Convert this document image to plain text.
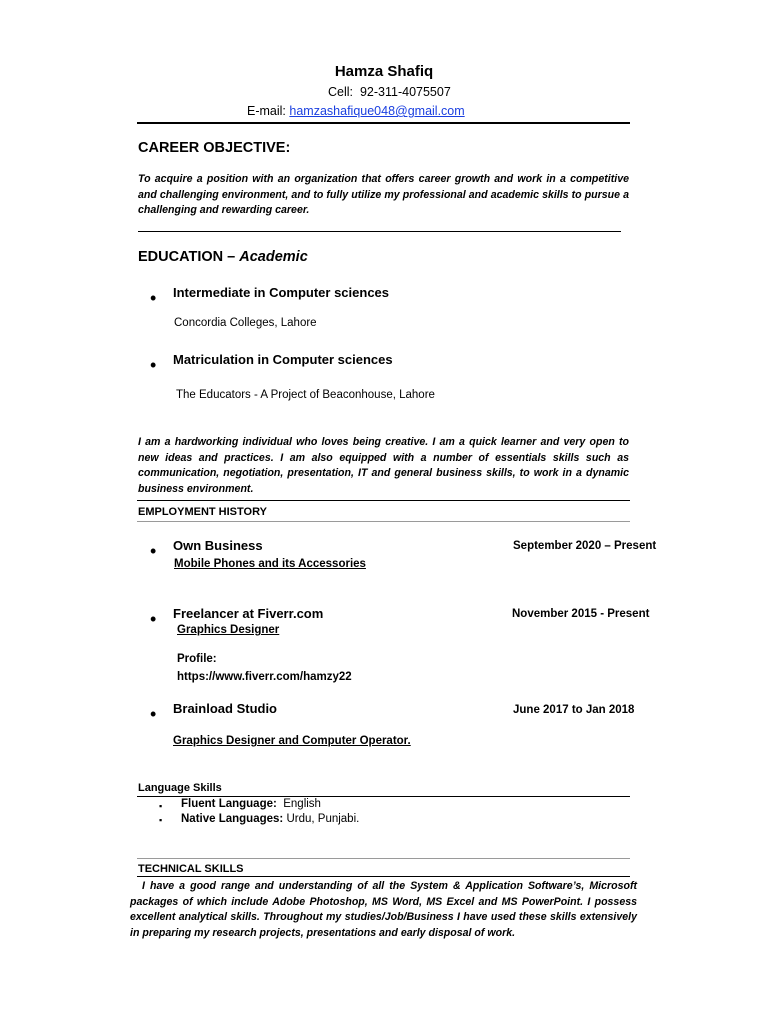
Hamza Shafiq
Cell: 92-311-4075507
E-mail: hamzashafique048@gmail.com
CAREER OBJECTIVE:
To acquire a position with an organization that offers career growth and work in a competitive and challenging environment, and to fully utilize my professional and academic skills to pursue a challenging and rewarding career.
EDUCATION – Academic
• Intermediate in Computer sciences
Concordia Colleges, Lahore
• Matriculation in Computer sciences
The Educators - A Project of Beaconhouse, Lahore
I am a hardworking individual who loves being creative. I am a quick learner and very open to new ideas and practices. I am also equipped with a number of essentials skills such as communication, negotiation, presentation, IT and general business skills, to work in a dynamic business environment.
EMPLOYMENT HISTORY
• Own Business	September 2020 – Present
Mobile Phones and its Accessories
• Freelancer at Fiverr.com	November 2015 - Present
Graphics Designer
Profile:
https://www.fiverr.com/hamzy22
• Brainload Studio	June 2017 to Jan 2018
Graphics Designer and Computer Operator.
Language Skills
▪ Fluent Language: English
▪ Native Languages: Urdu, Punjabi.
TECHNICAL SKILLS
I have a good range and understanding of all the System & Application Software’s, Microsoft packages of which include Adobe Photoshop, MS Word, MS Excel and MS PowerPoint. I possess excellent analytical skills. Throughout my studies/Job/Business I have used these skills extensively in preparing my research projects, presentations and early disposal of work.
